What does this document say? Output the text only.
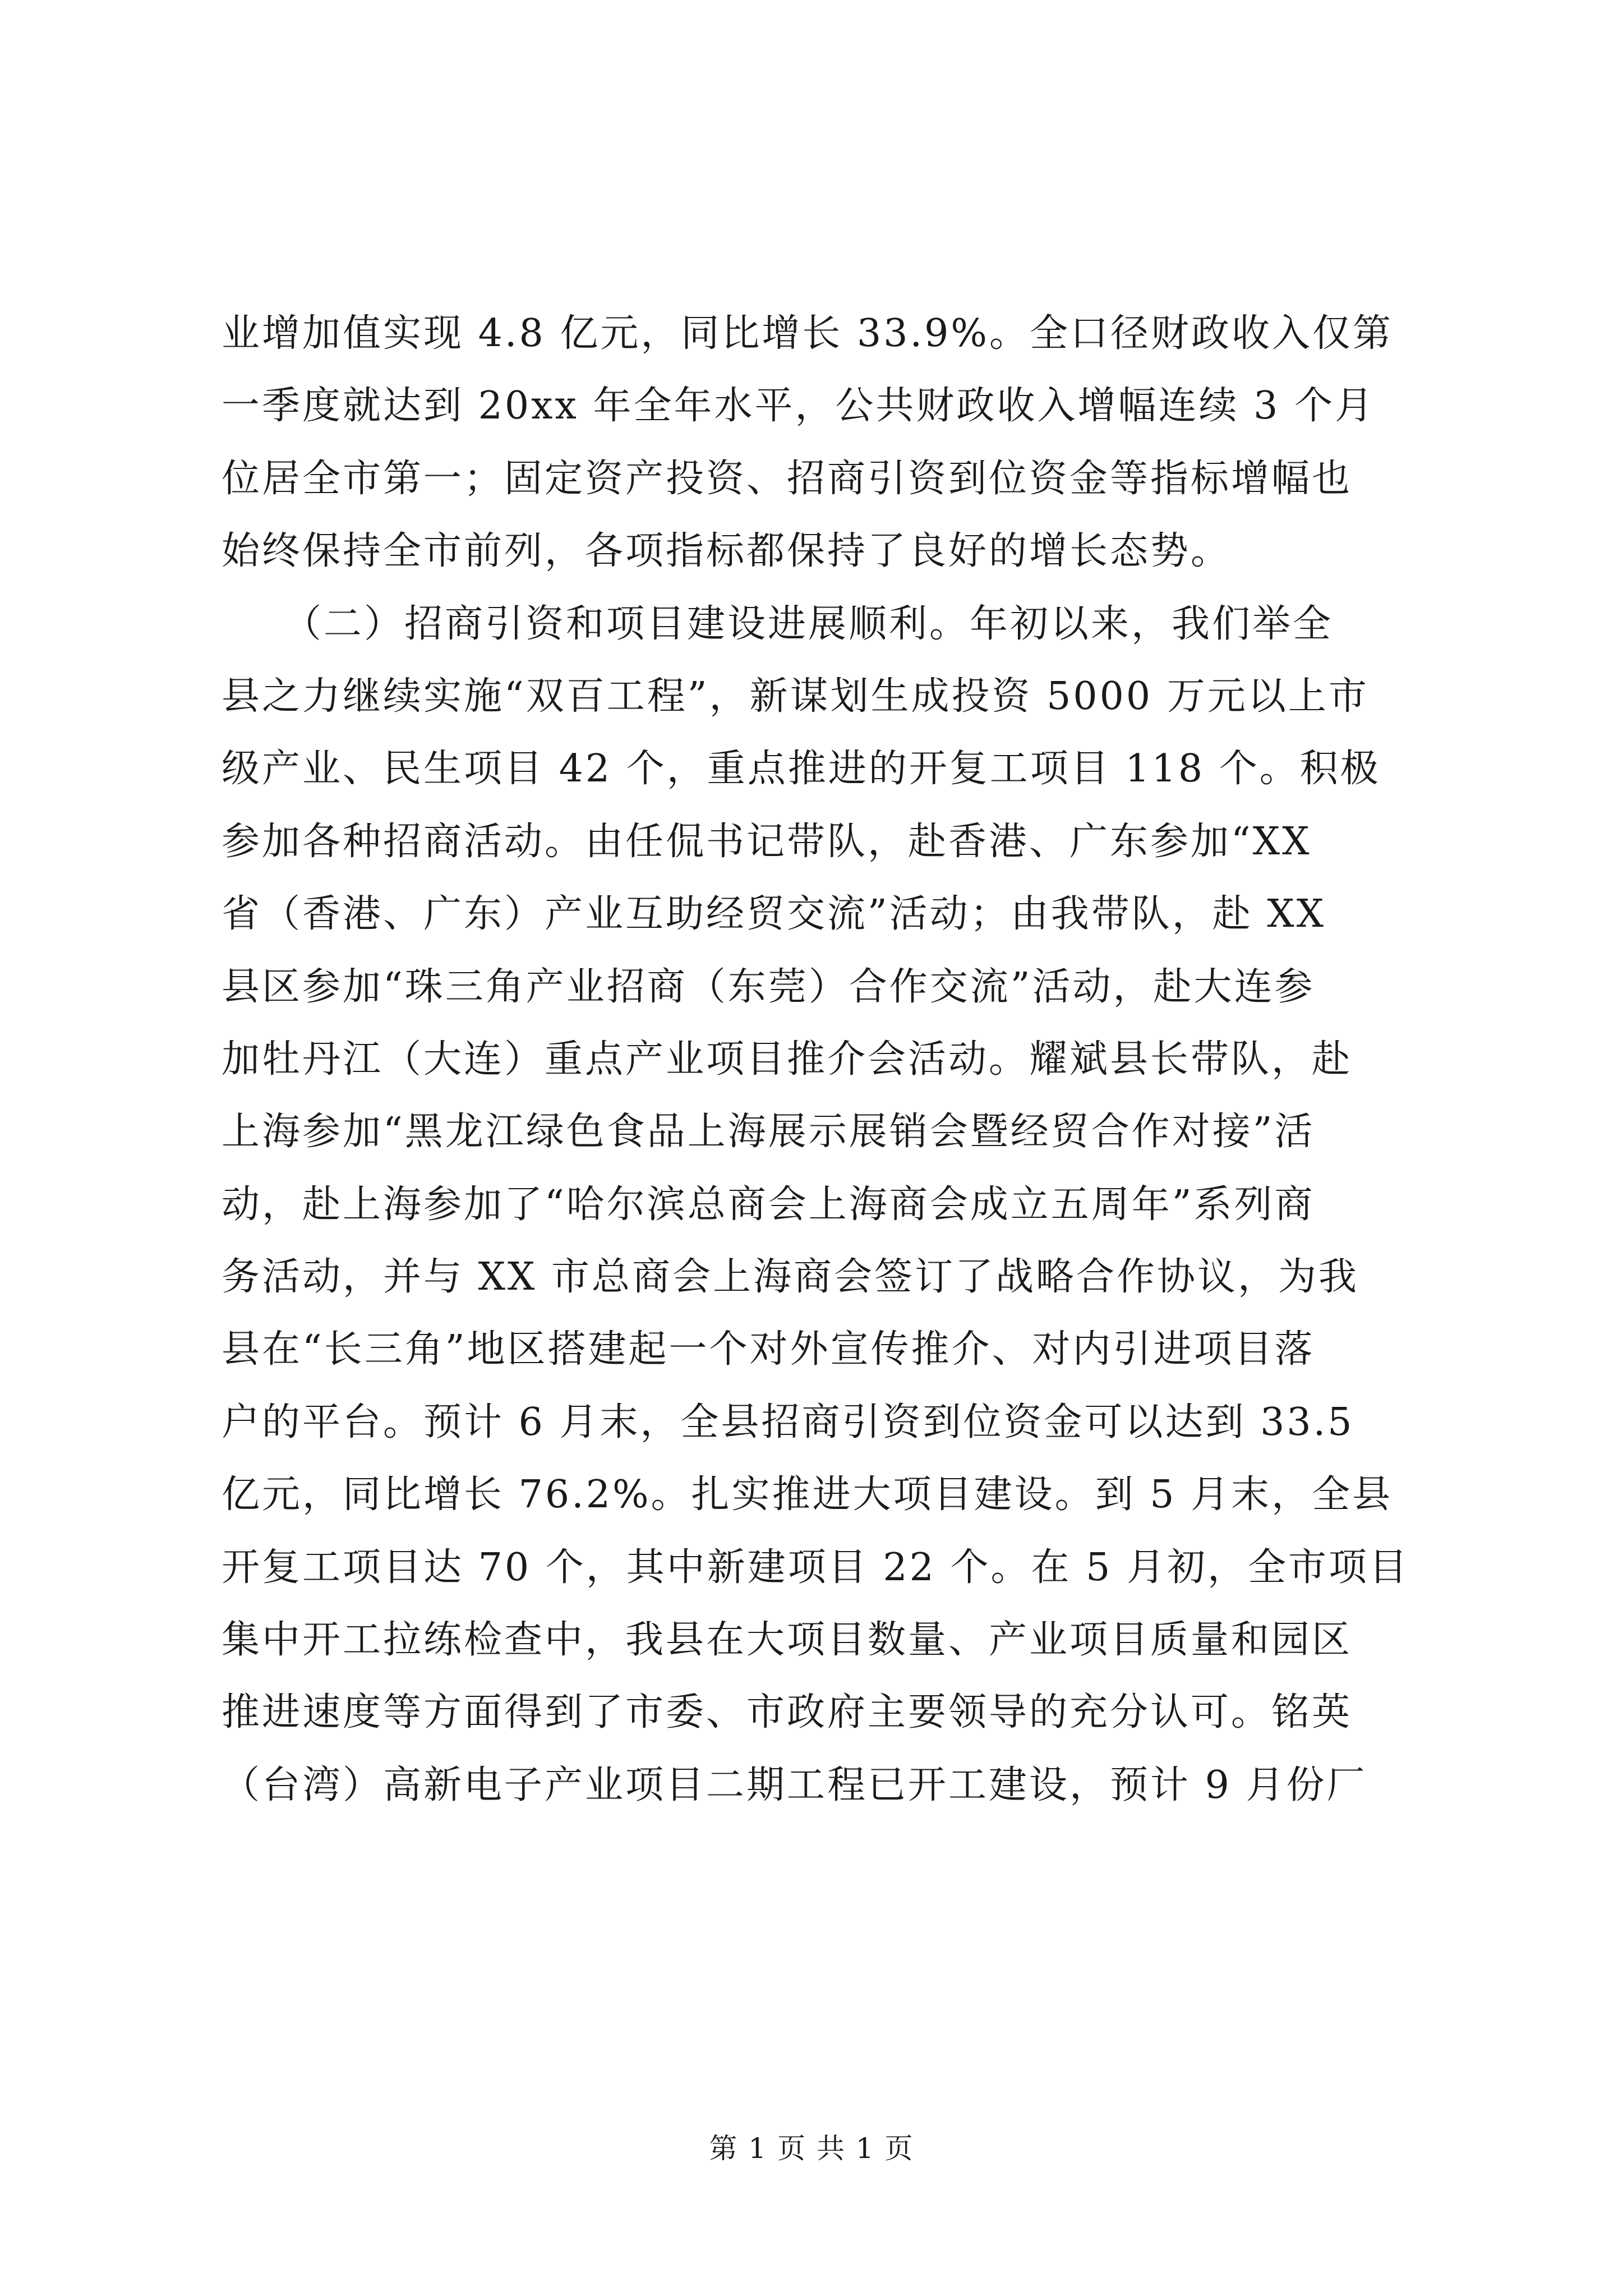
业增加值实现 4.8 亿元，同比增长 33.9%。全口径财政收入仅第
一季度就达到 20xx 年全年水平，公共财政收入增幅连续 3 个月
位居全市第一；固定资产投资、招商引资到位资金等指标增幅也
始终保持全市前列，各项指标都保持了良好的增长态势。
　　（二）招商引资和项目建设进展顺利。年初以来，我们举全
县之力继续实施“双百工程”，新谋划生成投资 5000 万元以上市
级产业、民生项目 42 个，重点推进的开复工项目 118 个。积极
参加各种招商活动。由任侃书记带队，赴香港、广东参加“XX
省（香港、广东）产业互助经贸交流”活动；由我带队，赴 XX
县区参加“珠三角产业招商（东莞）合作交流”活动，赴大连参
加牡丹江（大连）重点产业项目推介会活动。耀斌县长带队，赴
上海参加“黑龙江绿色食品上海展示展销会暨经贸合作对接”活
动，赴上海参加了“哈尔滨总商会上海商会成立五周年”系列商
务活动，并与 XX 市总商会上海商会签订了战略合作协议，为我
县在“长三角”地区搭建起一个对外宣传推介、对内引进项目落
户的平台。预计 6 月末，全县招商引资到位资金可以达到 33.5
亿元，同比增长 76.2%。扎实推进大项目建设。到 5 月末，全县
开复工项目达 70 个，其中新建项目 22 个。在 5 月初，全市项目
集中开工拉练检查中，我县在大项目数量、产业项目质量和园区
推进速度等方面得到了市委、市政府主要领导的充分认可。铭英
（台湾）高新电子产业项目二期工程已开工建设，预计 9 月份厂
第 1 页 共 1 页
